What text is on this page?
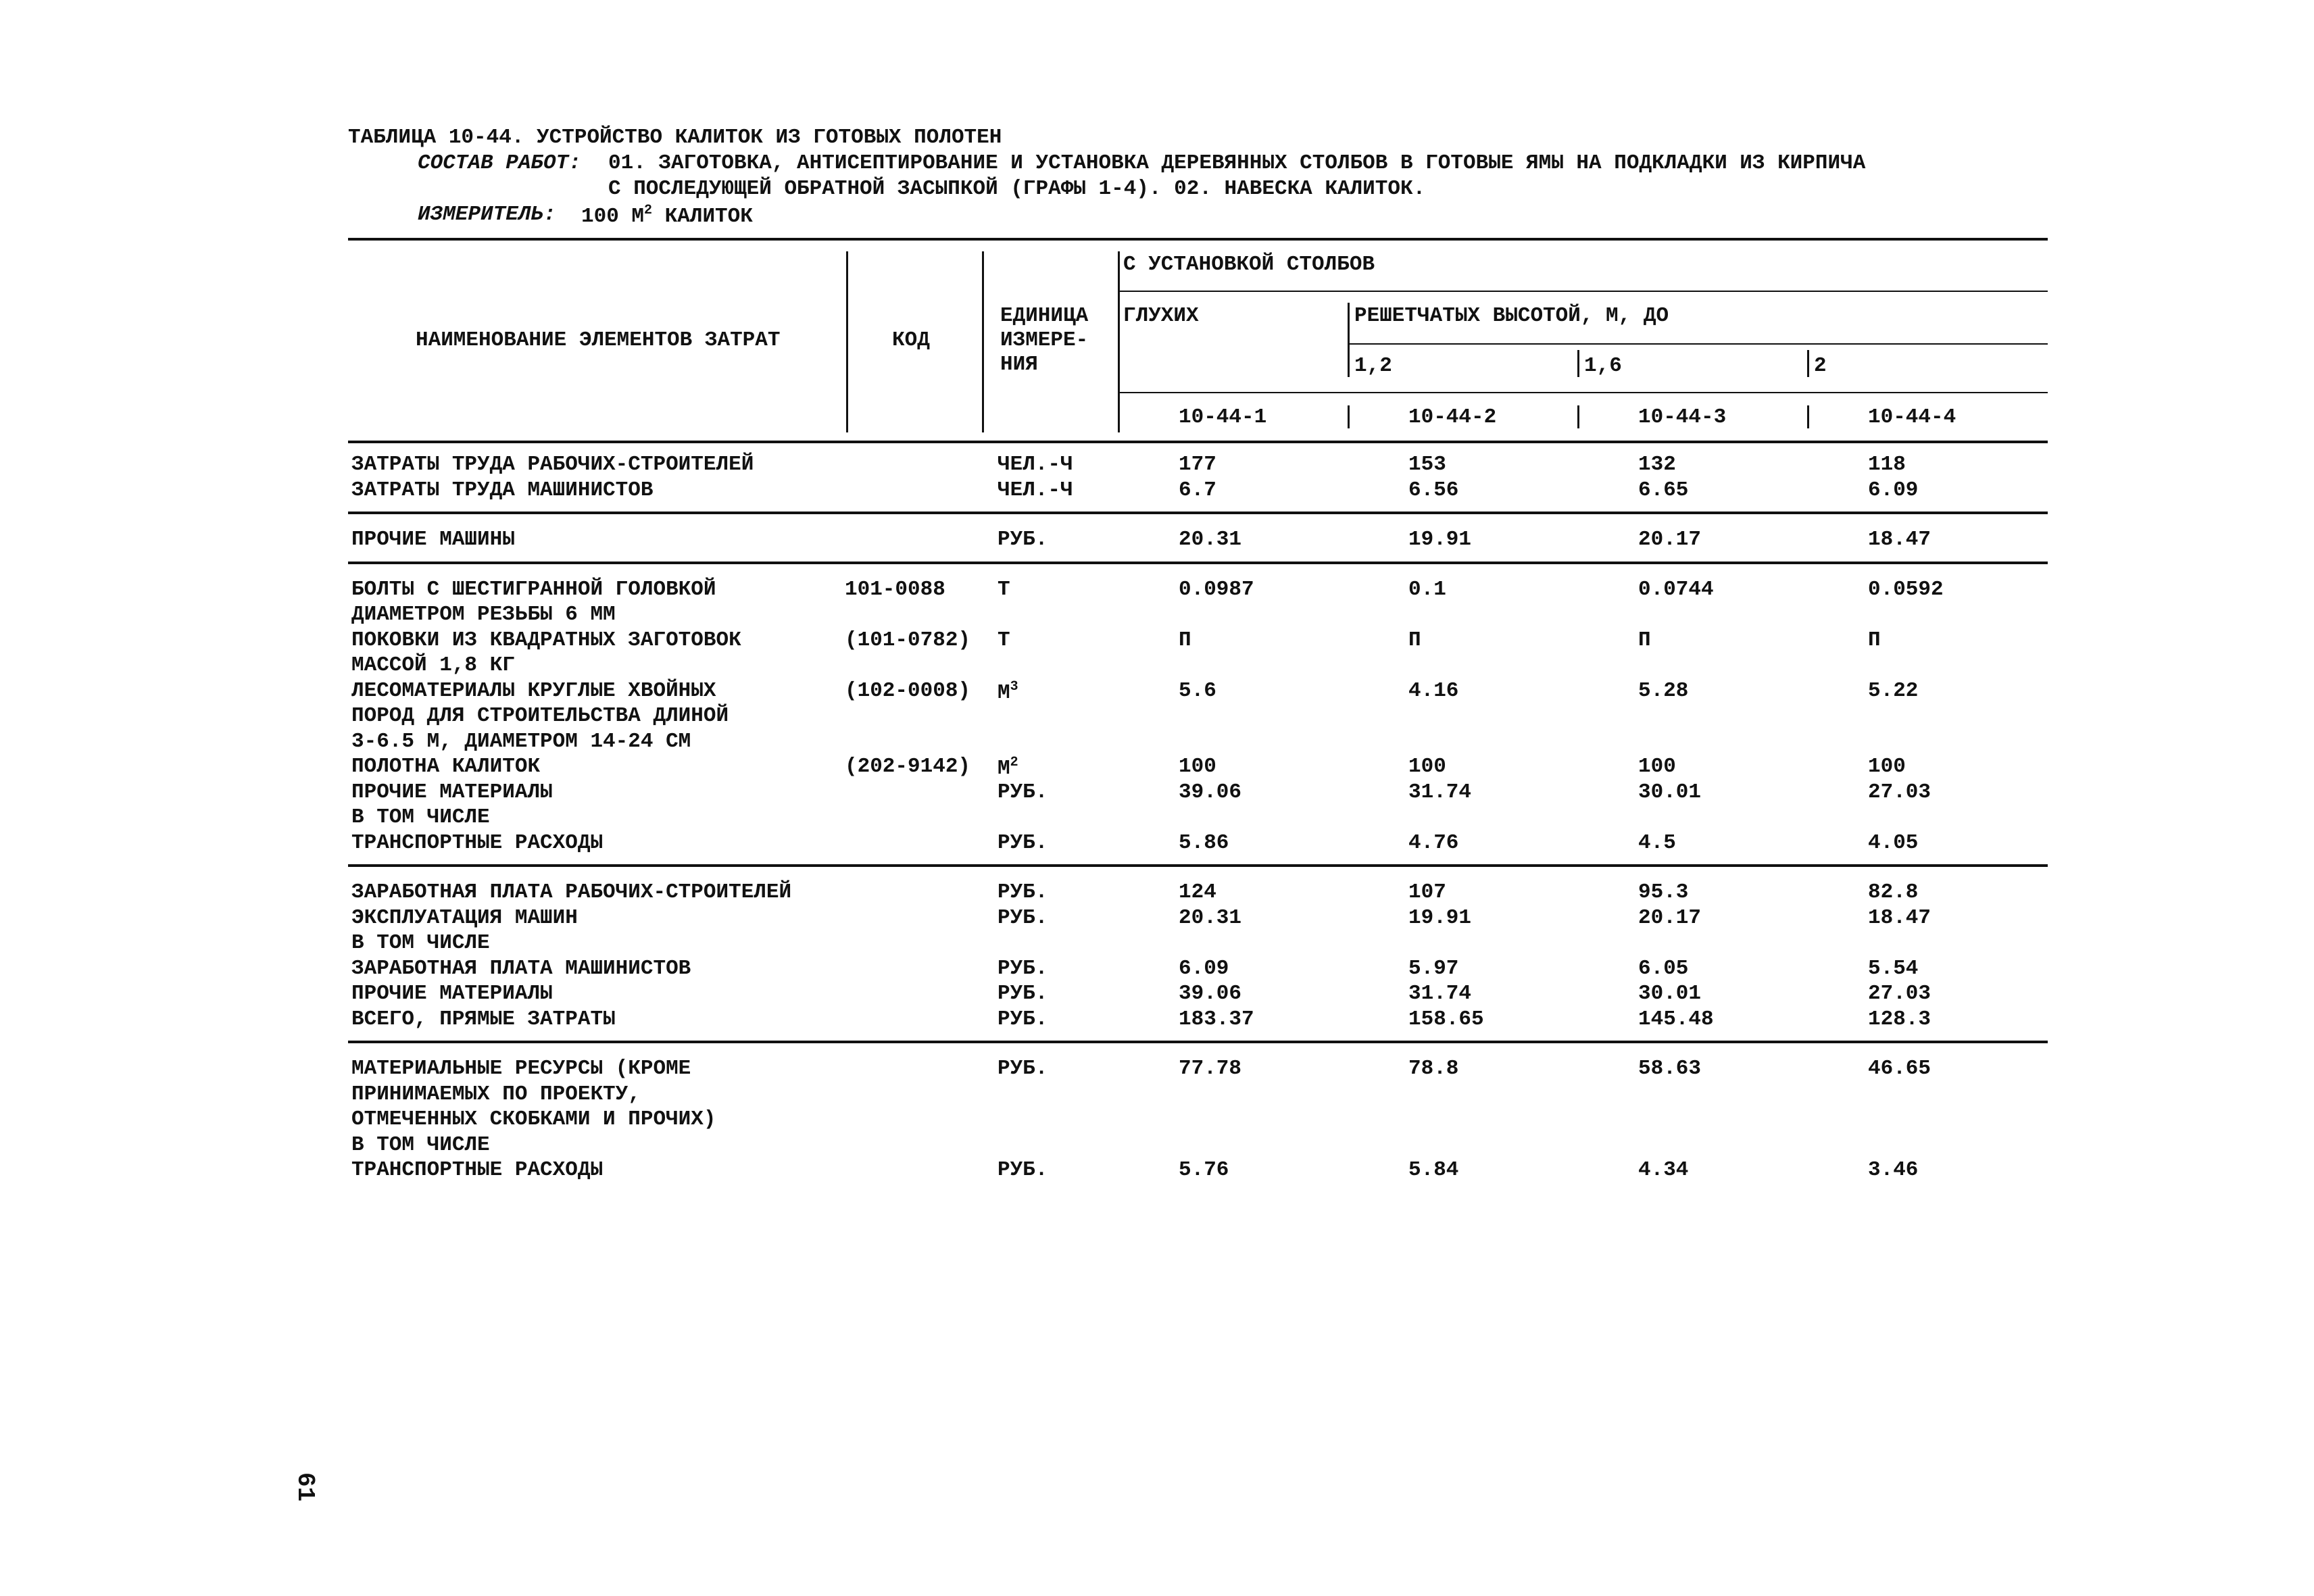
ТАБЛИЦА 10-44. УСТРОЙСТВО КАЛИТОК ИЗ ГОТОВЫХ ПОЛОТЕН
СОСТАВ РАБОТ: 01. ЗАГОТОВКА, АНТИСЕПТИРОВАНИЕ И УСТАНОВКА ДЕРЕВЯННЫХ СТОЛБОВ В ГОТОВЫЕ ЯМЫ НА ПОДКЛАДКИ ИЗ КИРПИЧА
С ПОСЛЕДУЮЩЕЙ ОБРАТНОЙ ЗАСЫПКОЙ (ГРАФЫ 1-4). 02. НАВЕСКА КАЛИТОК.
ИЗМЕРИТЕЛЬ: 100 $М^2$ КАЛИТОК
НАИМЕНОВАНИЕ ЭЛЕМЕНТОВ ЗАТРАТ	КОД
ЕДИНИЦА
ИЗМЕРЕ-
НИЯ
С УСТАНОВКОЙ СТОЛБОВ
ГЛУХИХ	РЕШЕТЧАТЫХ ВЫСОТОЙ, М, ДО
1,2	1,6	2
10-44-1	10-44-2	10-44-3	10-44-4
ЗАТРАТЫ ТРУДА РАБОЧИХ-СТРОИТЕЛЕЙ	ЧЕЛ.-Ч	177	153	132	118
ЗАТРАТЫ ТРУДА МАШИНИСТОВ	ЧЕЛ.-Ч	6.7	6.56	6.65	6.09
ПРОЧИЕ МАШИНЫ	РУБ.	20.31	19.91	20.17	18.47
БОЛТЫ С ШЕСТИГРАННОЙ ГОЛОВКОЙ
ДИАМЕТРОМ РЕЗЬБЫ 6 ММ
101-0088 Т	0.0987	0.1	0.0744	0.0592
ПОКОВКИ ИЗ КВАДРАТНЫХ ЗАГОТОВОК
МАССОЙ 1,8 КГ
(101-0782) Т	П	П	П	П
ЛЕСОМАТЕРИАЛЫ КРУГЛЫЕ ХВОЙНЫХ
ПОРОД ДЛЯ СТРОИТЕЛЬСТВА ДЛИНОЙ
3-6.5 М, ДИАМЕТРОМ 14-24 СМ
(102-0008) $М^3$	5.6	4.16	5.28	5.22
ПОЛОТНА КАЛИТОК	(202-9142) $М^2$	100	100	100	100
ПРОЧИЕ МАТЕРИАЛЫ	РУБ.	39.06	31.74	30.01	27.03
В ТОМ ЧИСЛЕ
ТРАНСПОРТНЫЕ РАСХОДЫ	РУБ.	5.86	4.76	4.5	4.05
ЗАРАБОТНАЯ ПЛАТА РАБОЧИХ-СТРОИТЕЛЕЙ	РУБ.	124	107	95.3	82.8
ЭКСПЛУАТАЦИЯ МАШИН	РУБ.	20.31	19.91	20.17	18.47
В ТОМ ЧИСЛЕ
ЗАРАБОТНАЯ ПЛАТА МАШИНИСТОВ	РУБ.	6.09	5.97	6.05	5.54
ПРОЧИЕ МАТЕРИАЛЫ	РУБ.	39.06	31.74	30.01	27.03
ВСЕГО, ПРЯМЫЕ ЗАТРАТЫ	РУБ.	183.37	158.65	145.48	128.3
МАТЕРИАЛЬНЫЕ РЕСУРСЫ (КРОМЕ
ПРИНИМАЕМЫХ ПО ПРОЕКТУ,
ОТМЕЧЕННЫХ СКОБКАМИ И ПРОЧИХ)
РУБ.	77.78	78.8	58.63	46.65
В ТОМ ЧИСЛЕ
ТРАНСПОРТНЫЕ РАСХОДЫ	РУБ.	5.76	5.84	4.34	3.46
61
